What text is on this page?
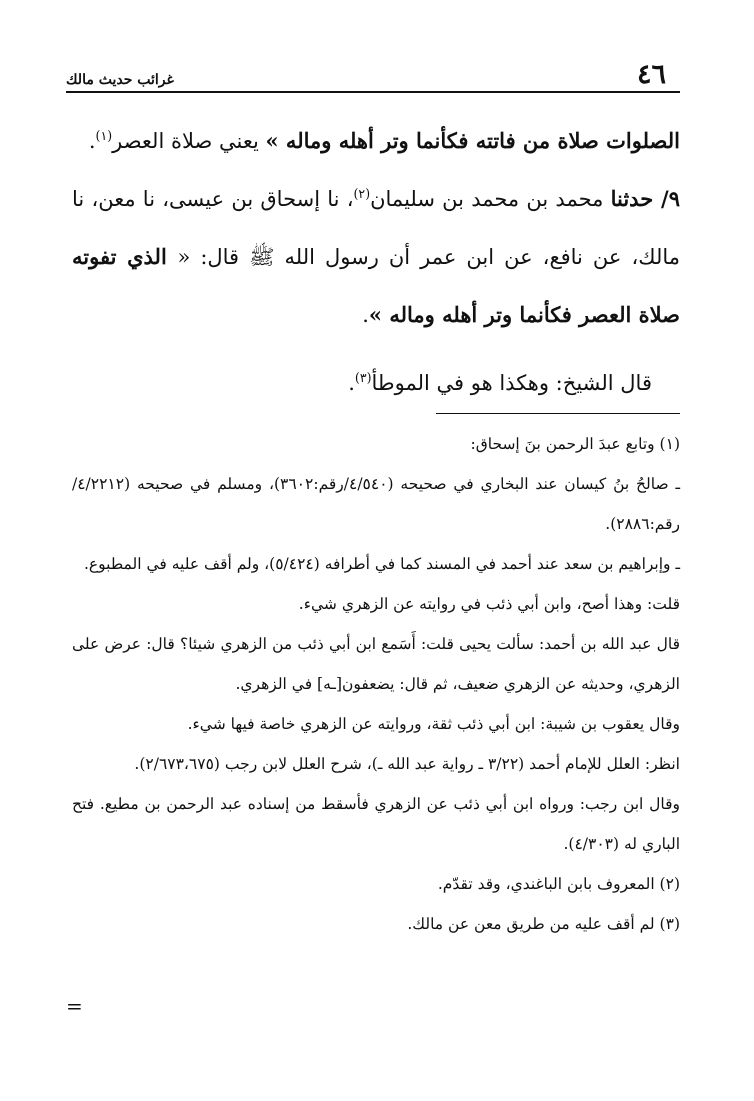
٤٦
غرائب حديث مالك

الصلوات صلاة من فاتته فكأنما وتر أهله وماله » يعني صلاة العصر$^{(١)}$.

٩/ حدثنا محمد بن محمد بن سليمان$^{(٢)}$، نا إسحاق بن عيسى، نا معن، نا مالك، عن نافع، عن ابن عمر أن رسول الله ﷺ قال: « الذي تفوته صلاة العصر فكأنما وتر أهله وماله ».

قال الشيخ: وهكذا هو في الموطأ$^{(٣)}$.

(١) وتابع عبدَ الرحمن بنَ إسحاق:

ـ صالحُ بنُ كيسان عند البخاري في صحيحه (٤/٥٤٠/رقم:٣٦٠٢)، ومسلم في صحيحه (٤/٢٢١٢/رقم:٢٨٨٦).

ـ وإبراهيم بن سعد عند أحمد في المسند كما في أطرافه (٥/٤٢٤)، ولم أقف عليه في المطبوع.

قلت: وهذا أصح، وابن أبي ذئب في روايته عن الزهري شيء.

قال عبد الله بن أحمد: سألت يحيى قلت: أَسَمع ابن أبي ذئب من الزهري شيئا؟ قال: عرض على الزهري، وحديثه عن الزهري ضعيف، ثم قال: يضعفون[ـه] في الزهري.

وقال يعقوب بن شيبة: ابن أبي ذئب ثقة، وروايته عن الزهري خاصة فيها شيء.

انظر: العلل للإمام أحمد (٣/٢٢ ـ رواية عبد الله ـ)، شرح العلل لابن رجب (٢/٦٧٣،٦٧٥).

وقال ابن رجب: ورواه ابن أبي ذئب عن الزهري فأسقط من إسناده عبد الرحمن بن مطيع. فتح الباري له (٤/٣٠٣).

(٢) المعروف بابن الباغندي، وقد تقدّم.

(٣) لم أقف عليه من طريق معن عن مالك.

=
